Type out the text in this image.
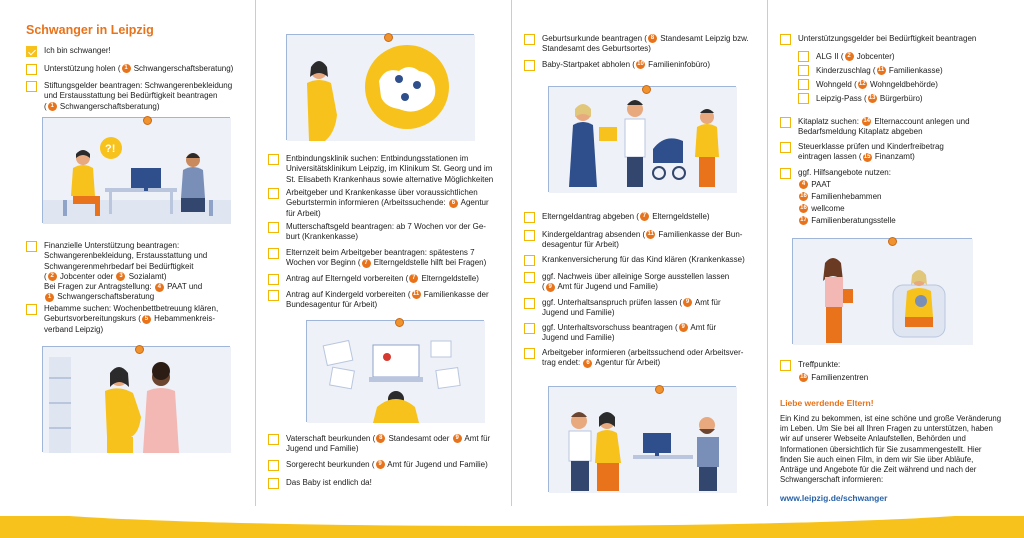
Schwanger in Leipzig
Ich bin schwanger!
Unterstützung holen ( 1 Schwangerschaftsberatung)
Stiftungsgelder beantragen: Schwangerenbekleidung
und Erstausstattung bei Bedürftigkeit beantragen
( 1 Schwangerschaftsberatung)
?!
Finanzielle Unterstützung beantragen:
Schwangerenbekleidung, Erstausstattung und
Schwangerenmehrbedarf bei Bedürftigkeit
( 2 Jobcenter oder 3 Sozialamt)
Bei Fragen zur Antragstellung: 4 PAAT und
1 Schwangerschaftsberatung
Hebamme suchen: Wochenbettbetreuung klären,
Geburtsvorbereitungskurs ( 5 Hebammenkreis-
verband Leipzig)
Entbindungsklinik suchen: Entbindungsstationen im
Universitätsklinikum Leipzig, im Klinikum St. Georg und im
St. Elisabeth Krankenhaus sowie alternative Möglichkeiten
Arbeitgeber und Krankenkasse über voraussichtlichen
Geburtstermin informieren (Arbeitssuchende: 6 Agentur
für Arbeit)
Mutterschaftsgeld beantragen: ab 7 Wochen vor der Ge-
burt (Krankenkasse)
Elternzeit beim Arbeitgeber beantragen: spätestens 7
Wochen vor Beginn ( 7 Elterngeldstelle hilft bei Fragen)
Antrag auf Elterngeld vorbereiten ( 7 Elterngeldstelle)
Antrag auf Kindergeld vorbereiten ( 11 Familienkasse der
Bundesagentur für Arbeit)
Vaterschaft beurkunden ( 8 Standesamt oder 9 Amt für
Jugend und Familie)
Sorgerecht beurkunden ( 9 Amt für Jugend und Familie)
Das Baby ist endlich da!
Geburtsurkunde beantragen ( 8 Standesamt Leipzig bzw.
Standesamt des Geburtsortes)
Baby-Startpaket abholen ( 10 Familieninfobüro)
Elterngeldantrag abgeben ( 7 Elterngeldstelle)
Kindergeldantrag absenden ( 11 Familienkasse der Bun-
desagentur für Arbeit)
Krankenversicherung für das Kind klären (Krankenkasse)
ggf. Nachweis über alleinige Sorge ausstellen lassen
( 9 Amt für Jugend und Familie)
ggf. Unterhaltsanspruch prüfen lassen ( 9 Amt für
Jugend und Familie)
ggf. Unterhaltsvorschuss beantragen ( 9 Amt für
Jugend und Familie)
Arbeitgeber informieren (arbeitssuchend oder Arbeitsver-
trag endet: 6 Agentur für Arbeit)
Unterstützungsgelder bei Bedürftigkeit beantragen
ALG II ( 2 Jobcenter)
Kinderzuschlag ( 11 Familienkasse)
Wohngeld ( 12 Wohngeldbehörde)
Leipzig-Pass ( 13 Bürgerbüro)
Kitaplatz suchen: 14 Elternaccount anlegen und
Bedarfsmeldung Kitaplatz abgeben
Steuerklasse prüfen und Kinderfreibetrag
eintragen lassen ( 15 Finanzamt)
ggf. Hilfsangebote nutzen:
4
PAAT
16
Familienhebammen
16
wellcome
17
Familienberatungsstelle
Treffpunkte:
18
Familienzentren
Liebe werdende Eltern!
Ein Kind zu bekommen, ist eine schöne und große Veränderung im Leben. Um Sie bei all Ihren Fragen zu unterstützen, haben wir auf unserer Webseite Anlaufstellen, Behörden und Informationen übersichtlich für Sie zusammengestellt. Hier finden Sie auch einen Film, in dem wir Sie über Abläufe, Anträge und Angebote für die Zeit während und nach der Schwangerschaft informieren:
www.leipzig.de/schwanger
